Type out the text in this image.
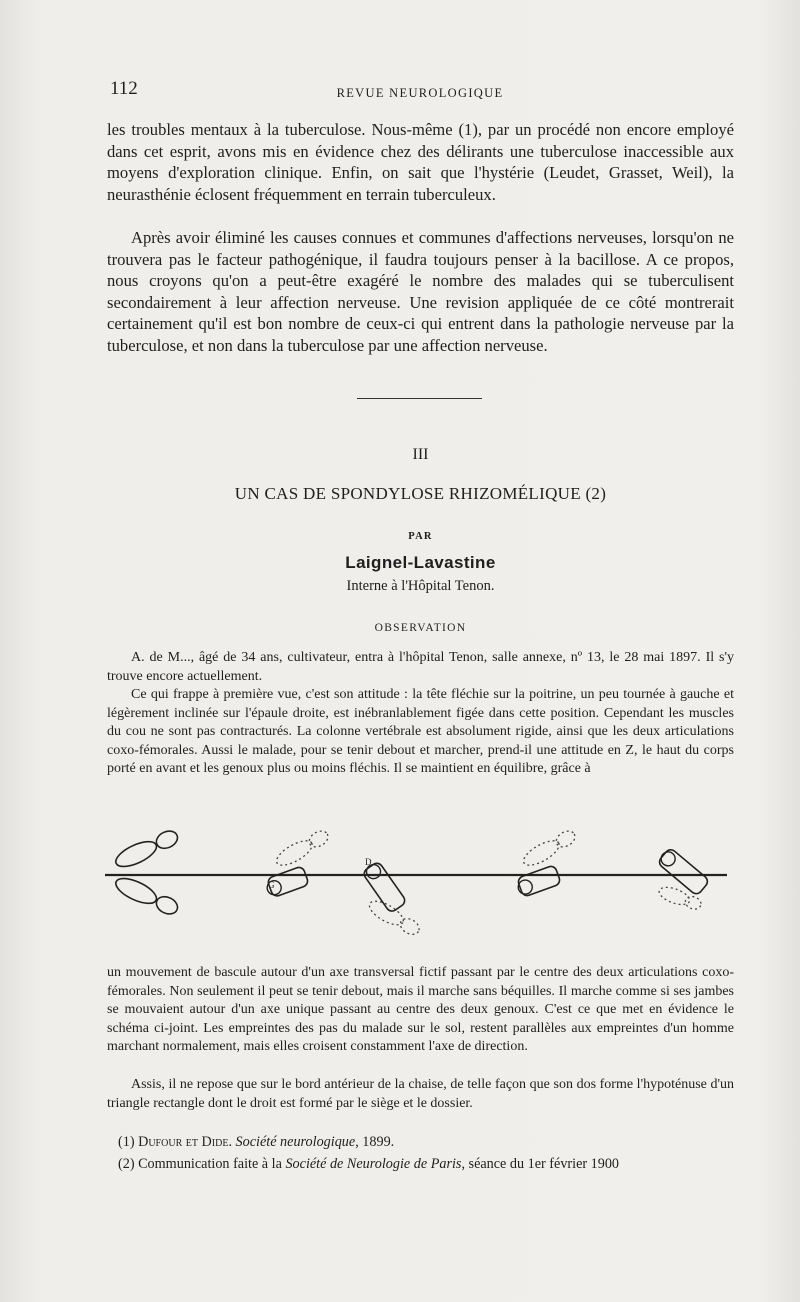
112	REVUE NEUROLOGIQUE

les troubles mentaux à la tuberculose. Nous-même (1), par un procédé non encore employé dans cet esprit, avons mis en évidence chez des délirants une tuberculose inaccessible aux moyens d'exploration clinique. Enfin, on sait que l'hystérie (Leudet, Grasset, Weil), la neurasthénie éclosent fréquemment en terrain tuberculeux.

Après avoir éliminé les causes connues et communes d'affections nerveuses, lorsqu'on ne trouvera pas le facteur pathogénique, il faudra toujours penser à la bacillose. A ce propos, nous croyons qu'on a peut-être exagéré le nombre des malades qui se tuberculisent secondairement à leur affection nerveuse. Une revision appliquée de ce côté montrerait certainement qu'il est bon nombre de ceux-ci qui entrent dans la pathologie nerveuse par la tuberculose, et non dans la tuberculose par une affection nerveuse.

III
UN CAS DE SPONDYLOSE RHIZOMÉLIQUE (2)
PAR
Laignel-Lavastine
Interne à l'Hôpital Tenon.
OBSERVATION

A. de M..., âgé de 34 ans, cultivateur, entra à l'hôpital Tenon, salle annexe, nº 13, le 28 mai 1897. Il s'y trouve encore actuellement.

Ce qui frappe à première vue, c'est son attitude : la tête fléchie sur la poitrine, un peu tournée à gauche et légèrement inclinée sur l'épaule droite, est inébranlablement figée dans cette position. Cependant les muscles du cou ne sont pas contracturés. La colonne vertébrale est absolument rigide, ainsi que les deux articulations coxo-fémorales. Aussi le malade, pour se tenir debout et marcher, prend-il une attitude en Z, le haut du corps porté en avant et les genoux plus ou moins fléchis. Il se maintient en équilibre, grâce à

G
D

un mouvement de bascule autour d'un axe transversal fictif passant par le centre des deux articulations coxo-fémorales. Non seulement il peut se tenir debout, mais il marche sans béquilles. Il marche comme si ses jambes se mouvaient autour d'un axe unique passant au centre des deux genoux. C'est ce que met en évidence le schéma ci-joint. Les empreintes des pas du malade sur le sol, restent parallèles aux empreintes d'un homme marchant normalement, mais elles croisent constamment l'axe de direction.

Assis, il ne repose que sur le bord antérieur de la chaise, de telle façon que son dos forme l'hypoténuse d'un triangle rectangle dont le droit est formé par le siège et le dossier.

(1) Dufour et Dide. Société neurologique, 1899.
(2) Communication faite à la Société de Neurologie de Paris, séance du 1er février 1900
